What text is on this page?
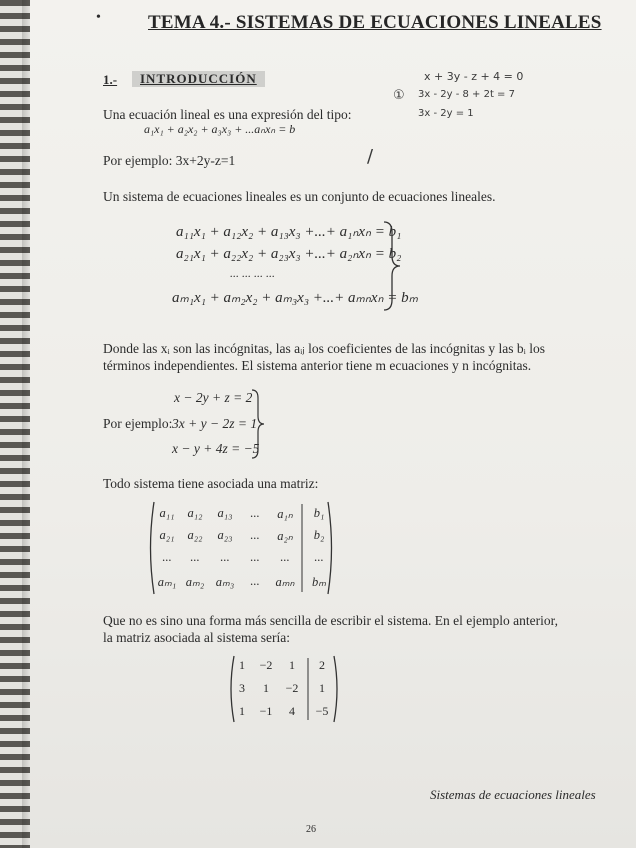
• TEMA 4.- SISTEMAS DE ECUACIONES LINEALES
1.-	INTRODUCCIÓN	x + 3y - z + 4 = 0
① 3x - 2y - 8 + 2t = 7
3x - 2y = 1
/
Una ecuación lineal es una expresión del tipo:
a₁x₁ + a₂x₂ + a₃x₃ + ...aₙxₙ = b
Por ejemplo: 3x+2y-z=1
Un sistema de ecuaciones lineales es un conjunto de ecuaciones lineales.
a₁₁x₁ + a₁₂x₂ + a₁₃x₃ +...+ a₁ₙxₙ = b₁
a₂₁x₁ + a₂₂x₂ + a₂₃x₃ +...+ a₂ₙxₙ = b₂
... ... ... ...
aₘ₁x₁ + aₘ₂x₂ + aₘ₃x₃ +...+ aₘₙxₙ = bₘ
Donde las xᵢ son las incógnitas, las aᵢⱼ los coeficientes de las incógnitas y las bᵢ los términos independientes. El sistema anterior tiene m ecuaciones y n incógnitas.
Por ejemplo:
x − 2y + z = 2
3x + y − 2z = 1
x − y + 4z = −5
Todo sistema tiene asociada una matriz:
a₁₁	a₁₂	a₁₃	...	a₁ₙ	b₁
a₂₁	a₂₂	a₂₃	...	a₂ₙ	b₂
...	...	...	...	...	...
aₘ₁ aₘ₂ aₘ₃	...	aₘₙ	bₘ
Que no es sino una forma más sencilla de escribir el sistema. En el ejemplo anterior, la matriz asociada al sistema sería:
1	−2	1	2
3	1	−2	1
1	−1	4	−5
Sistemas de ecuaciones lineales
26
